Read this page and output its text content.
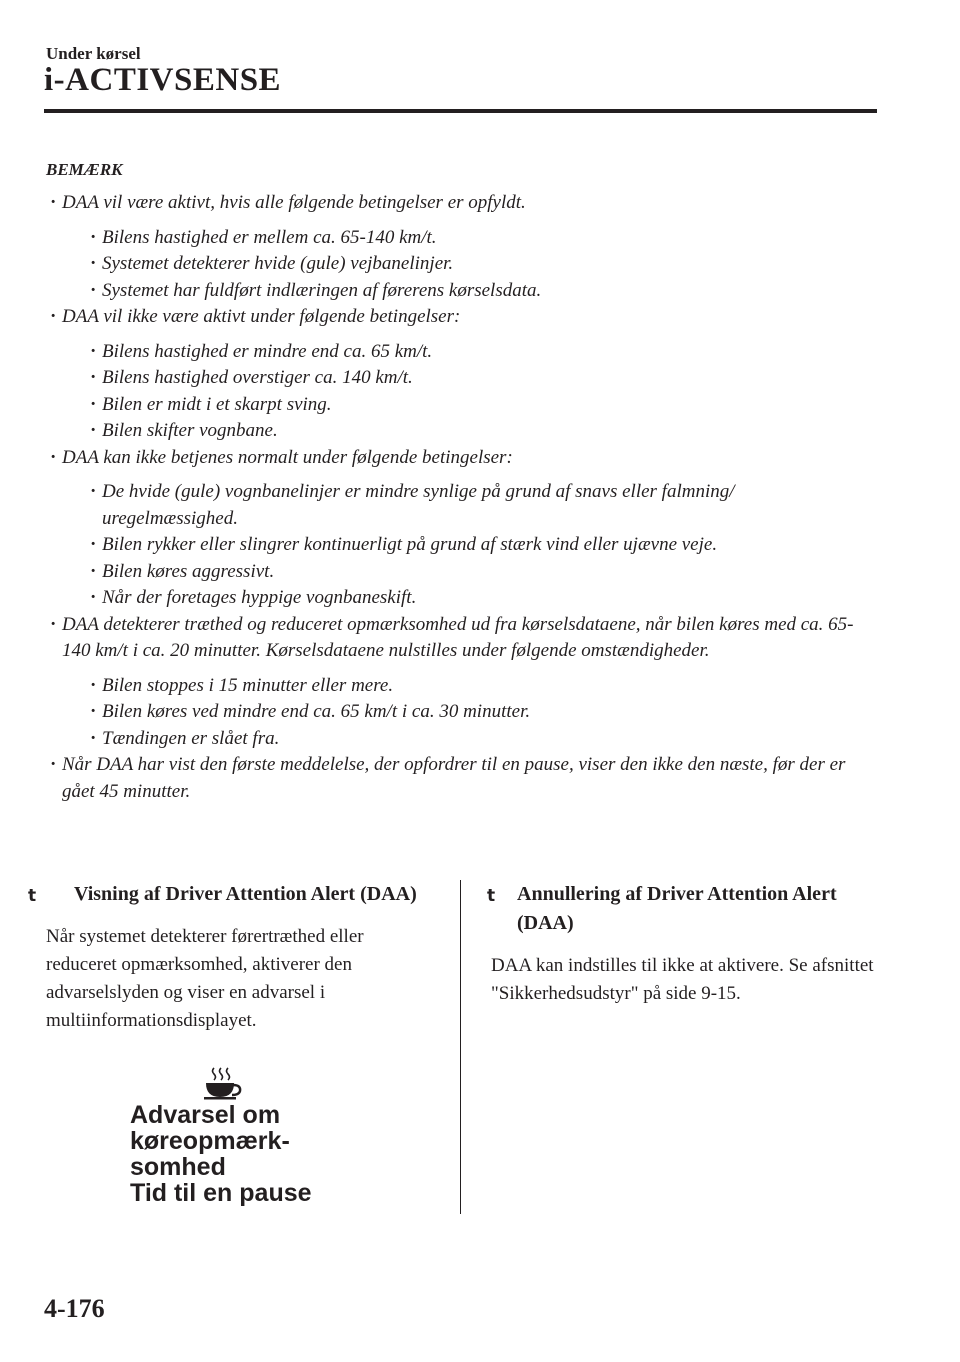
Under kørsel
i-ACTIVSENSE
BEMÆRK
· DAA vil være aktivt, hvis alle følgende betingelser er opfyldt.
· Bilens hastighed er mellem ca. 65-140 km/t.
· Systemet detekterer hvide (gule) vejbanelinjer.
· Systemet har fuldført indlæringen af førerens kørselsdata.
· DAA vil ikke være aktivt under følgende betingelser:
· Bilens hastighed er mindre end ca. 65 km/t.
· Bilens hastighed overstiger ca. 140 km/t.
· Bilen er midt i et skarpt sving.
· Bilen skifter vognbane.
· DAA kan ikke betjenes normalt under følgende betingelser:
· De hvide (gule) vognbanelinjer er mindre synlige på grund af snavs eller falmning/ uregelmæssighed.
· Bilen rykker eller slingrer kontinuerligt på grund af stærk vind eller ujævne veje.
· Bilen køres aggressivt.
· Når der foretages hyppige vognbaneskift.
· DAA detekterer træthed og reduceret opmærksomhed ud fra kørselsdataene, når bilen køres med ca. 65-140 km/t i ca. 20 minutter. Kørselsdataene nulstilles under følgende omstændigheder.
· Bilen stoppes i 15 minutter eller mere.
· Bilen køres ved mindre end ca. 65 km/t i ca. 30 minutter.
· Tændingen er slået fra.
· Når DAA har vist den første meddelelse, der opfordrer til en pause, viser den ikke den næste, før der er gået 45 minutter.
t Visning af Driver Attention Alert (DAA)
Når systemet detekterer førertræthed eller reduceret opmærksomhed, aktiverer den advarselslyden og viser en advarsel i multiinformationsdisplayet.
Advarsel om
køreopmærk-
somhed
Tid til en pause
t Annullering af Driver Attention Alert (DAA)
DAA kan indstilles til ikke at aktivere. Se afsnittet "Sikkerhedsudstyr" på side 9-15.
4-176
